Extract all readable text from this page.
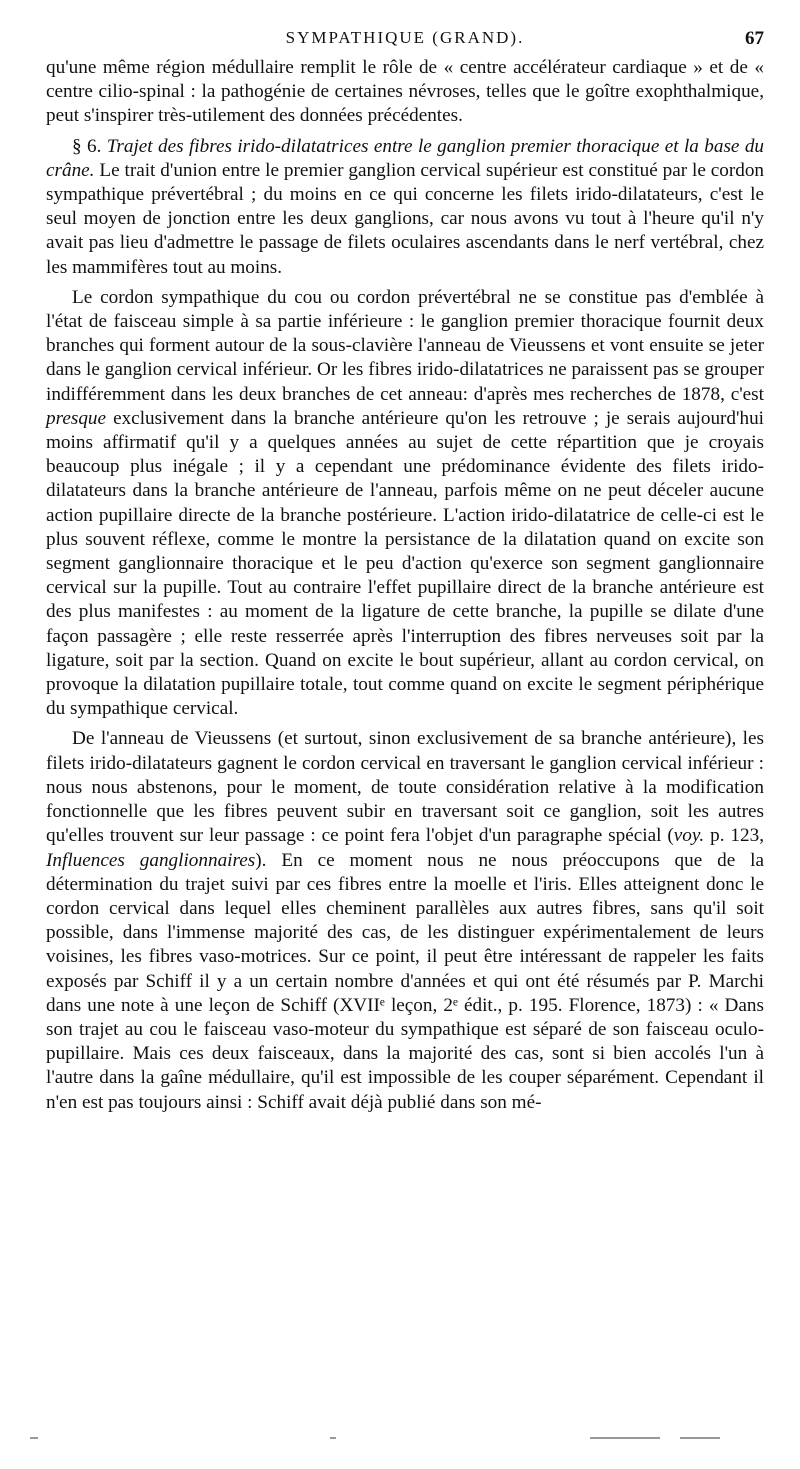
SYMPATHIQUE (GRAND).	67

qu'une même région médullaire remplit le rôle de « centre accélérateur cardiaque » et de « centre cilio-spinal : la pathogénie de certaines névroses, telles que le goître exophthalmique, peut s'inspirer très-utilement des données précédentes.

§ 6. Trajet des fibres irido-dilatatrices entre le ganglion premier thoracique et la base du crâne. Le trait d'union entre le premier ganglion cervical supérieur est constitué par le cordon sympathique prévertébral ; du moins en ce qui concerne les filets irido-dilatateurs, c'est le seul moyen de jonction entre les deux ganglions, car nous avons vu tout à l'heure qu'il n'y avait pas lieu d'admettre le passage de filets oculaires ascendants dans le nerf vertébral, chez les mammifères tout au moins.

Le cordon sympathique du cou ou cordon prévertébral ne se constitue pas d'emblée à l'état de faisceau simple à sa partie inférieure : le ganglion premier thoracique fournit deux branches qui forment autour de la sous-clavière l'anneau de Vieussens et vont ensuite se jeter dans le ganglion cervical inférieur. Or les fibres irido-dilatatrices ne paraissent pas se grouper indifféremment dans les deux branches de cet anneau: d'après mes recherches de 1878, c'est presque exclusivement dans la branche antérieure qu'on les retrouve ; je serais aujourd'hui moins affirmatif qu'il y a quelques années au sujet de cette répartition que je croyais beaucoup plus inégale ; il y a cependant une prédominance évidente des filets irido-dilatateurs dans la branche antérieure de l'anneau, parfois même on ne peut déceler aucune action pupillaire directe de la branche postérieure. L'action irido-dilatatrice de celle-ci est le plus souvent réflexe, comme le montre la persistance de la dilatation quand on excite son segment ganglionnaire thoracique et le peu d'action qu'exerce son segment ganglionnaire cervical sur la pupille. Tout au contraire l'effet pupillaire direct de la branche antérieure est des plus manifestes : au moment de la ligature de cette branche, la pupille se dilate d'une façon passagère ; elle reste resserrée après l'interruption des fibres nerveuses soit par la ligature, soit par la section. Quand on excite le bout supérieur, allant au cordon cervical, on provoque la dilatation pupillaire totale, tout comme quand on excite le segment périphérique du sympathique cervical.

De l'anneau de Vieussens (et surtout, sinon exclusivement de sa branche antérieure), les filets irido-dilatateurs gagnent le cordon cervical en traversant le ganglion cervical inférieur : nous nous abstenons, pour le moment, de toute considération relative à la modification fonctionnelle que les fibres peuvent subir en traversant soit ce ganglion, soit les autres qu'elles trouvent sur leur passage : ce point fera l'objet d'un paragraphe spécial (voy. p. 123, Influences ganglionnaires). En ce moment nous ne nous préoccupons que de la détermination du trajet suivi par ces fibres entre la moelle et l'iris. Elles atteignent donc le cordon cervical dans lequel elles cheminent parallèles aux autres fibres, sans qu'il soit possible, dans l'immense majorité des cas, de les distinguer expérimentalement de leurs voisines, les fibres vaso-motrices. Sur ce point, il peut être intéressant de rappeler les faits exposés par Schiff il y a un certain nombre d'années et qui ont été résumés par P. Marchi dans une note à une leçon de Schiff (XVIIᵉ leçon, 2ᵉ édit., p. 195. Florence, 1873) : « Dans son trajet au cou le faisceau vaso-moteur du sympathique est séparé de son faisceau oculo-pupillaire. Mais ces deux faisceaux, dans la majorité des cas, sont si bien accolés l'un à l'autre dans la gaîne médullaire, qu'il est impossible de les couper séparément. Cependant il n'en est pas toujours ainsi : Schiff avait déjà publié dans son mé-
